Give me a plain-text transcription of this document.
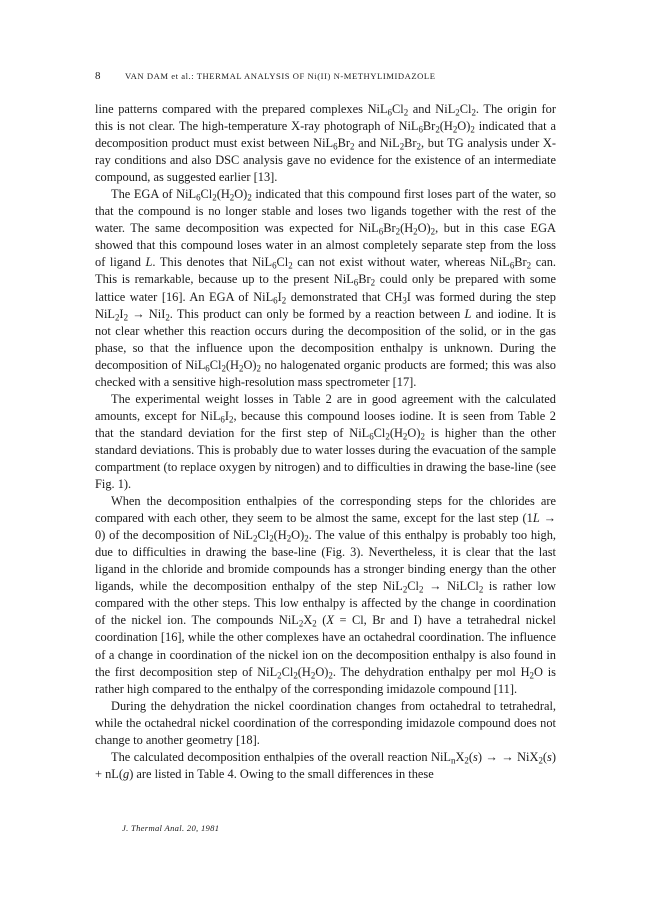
8	VAN DAM et al.: THERMAL ANALYSIS OF Ni(II) N-METHYLIMIDAZOLE

line patterns compared with the prepared complexes $NiL_6Cl_2$ and $NiL_2Cl_2$. The origin for this is not clear. The high-temperature X-ray photograph of $NiL_6Br_2(H_2O)_2$ indicated that a decomposition product must exist between $NiL_6Br_2$ and $NiL_2Br_2$, but TG analysis under X-ray conditions and also DSC analysis gave no evidence for the existence of an intermediate compound, as suggested earlier [13].

The EGA of $NiL_6Cl_2(H_2O)_2$ indicated that this compound first loses part of the water, so that the compound is no longer stable and loses two ligands together with the rest of the water. The same decomposition was expected for $NiL_6Br_2(H_2O)_2$, but in this case EGA showed that this compound loses water in an almost completely separate step from the loss of ligand L. This denotes that $NiL_6Cl_2$ can not exist without water, whereas $NiL_6Br_2$ can. This is remarkable, because up to the present $NiL_6Br_2$ could only be prepared with some lattice water [16]. An EGA of $NiL_6I_2$ demonstrated that $CH_3I$ was formed during the step $NiL_2I_2 \to NiI_2$. This product can only be formed by a reaction between L and iodine. It is not clear whether this reaction occurs during the decomposition of the solid, or in the gas phase, so that the influence upon the decomposition enthalpy is unknown. During the decomposition of $NiL_6Cl_2(H_2O)_2$ no halogenated organic products are formed; this was also checked with a sensitive high-resolution mass spectrometer [17].

The experimental weight losses in Table 2 are in good agreement with the calculated amounts, except for $NiL_6I_2$, because this compound looses iodine. It is seen from Table 2 that the standard deviation for the first step of $NiL_6Cl_2(H_2O)_2$ is higher than the other standard deviations. This is probably due to water losses during the evacuation of the sample compartment (to replace oxygen by nitrogen) and to difficulties in drawing the base-line (see Fig. 1).

When the decomposition enthalpies of the corresponding steps for the chlorides are compared with each other, they seem to be almost the same, except for the last step (1L → 0) of the decomposition of $NiL_2Cl_2(H_2O)_2$. The value of this enthalpy is probably too high, due to difficulties in drawing the base-line (Fig. 3). Nevertheless, it is clear that the last ligand in the chloride and bromide compounds has a stronger binding energy than the other ligands, while the decomposition enthalpy of the step $NiL_2Cl_2$ → NiLCl$_2$ is rather low compared with the other steps. This low enthalpy is affected by the change in coordination of the nickel ion. The compounds $NiL_2X_2$ (X = Cl, Br and I) have a tetrahedral nickel coordination [16], while the other complexes have an octahedral coordination. The influence of a change in coordination of the nickel ion on the decomposition enthalpy is also found in the first decomposition step of $NiL_2Cl_2(H_2O)_2$. The dehydration enthalpy per mol $H_2O$ is rather high compared to the enthalpy of the corresponding imidazole compound [11].

During the dehydration the nickel coordination changes from octahedral to tetrahedral, while the octahedral nickel coordination of the corresponding imidazole compound does not change to another geometry [18].

The calculated decomposition enthalpies of the overall reaction $NiL_nX_2(s)$ → → NiX$_2$(s) + nL(g) are listed in Table 4. Owing to the small differences in these

J. Thermal Anal. 20, 1981
